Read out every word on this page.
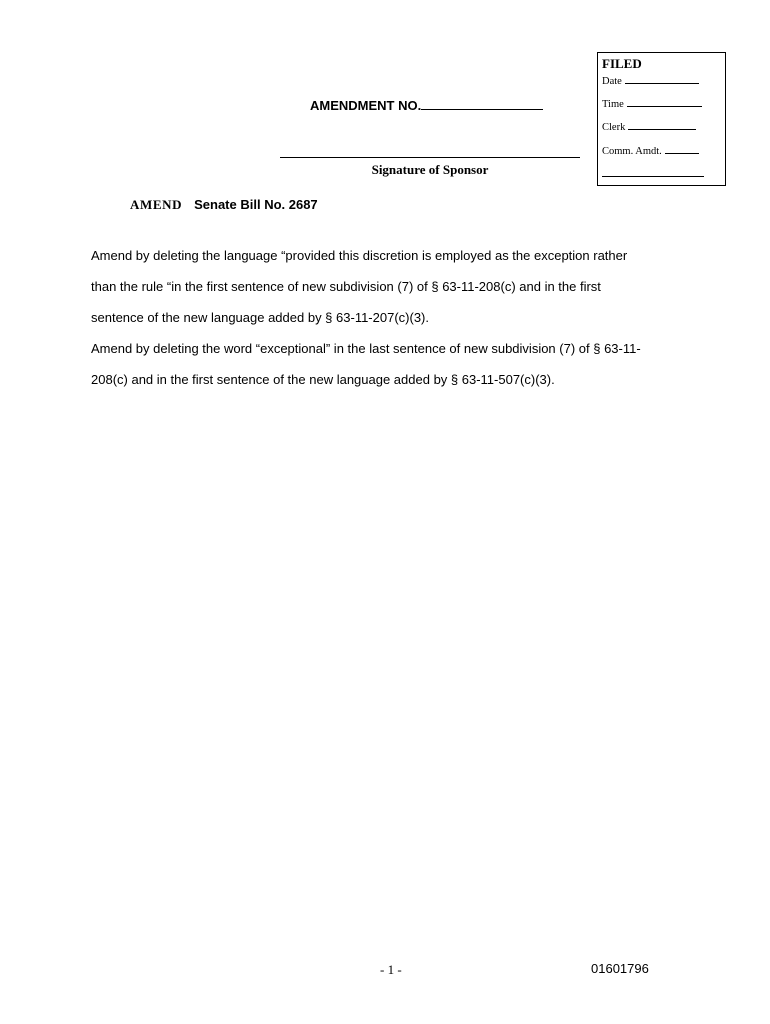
FILED
Date
Time
Clerk
Comm. Amdt.
AMENDMENT NO.
Signature of Sponsor
AMEND Senate Bill No. 2687

Amend by deleting the language “provided this discretion is employed as the exception rather

than the rule “in the first sentence of new subdivision (7) of § 63-11-208(c) and in the first

sentence of the new language added by § 63-11-207(c)(3).

Amend by deleting the word “exceptional” in the last sentence of new subdivision (7) of § 63-11-

208(c) and in the first sentence of the new language added by § 63-11-507(c)(3).

- 1 -	01601796
